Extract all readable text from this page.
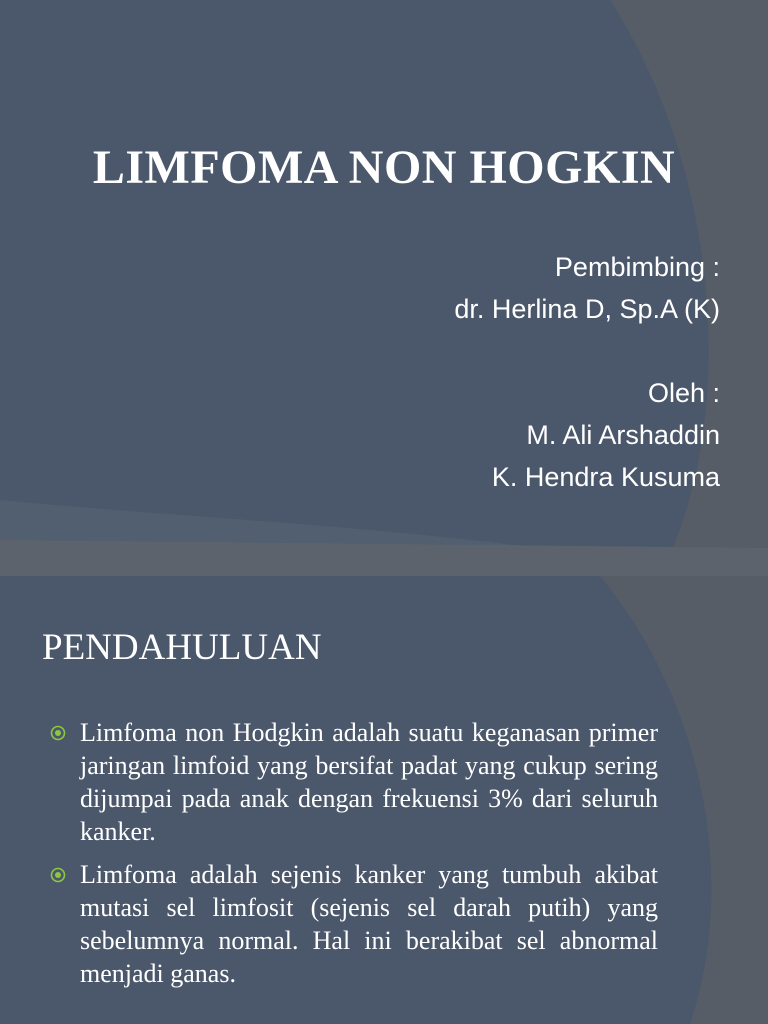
LIMFOMA NON HOGKIN
Pembimbing :
dr. Herlina D, Sp.A (K)
Oleh :
M. Ali Arshaddin
K. Hendra Kusuma
PENDAHULUAN
Limfoma non Hodgkin adalah suatu keganasan primer jaringan limfoid yang bersifat padat yang cukup sering dijumpai pada anak dengan frekuensi 3% dari seluruh kanker.
Limfoma adalah sejenis kanker yang tumbuh akibat mutasi sel limfosit (sejenis sel darah putih) yang sebelumnya normal. Hal ini berakibat sel abnormal menjadi ganas.
